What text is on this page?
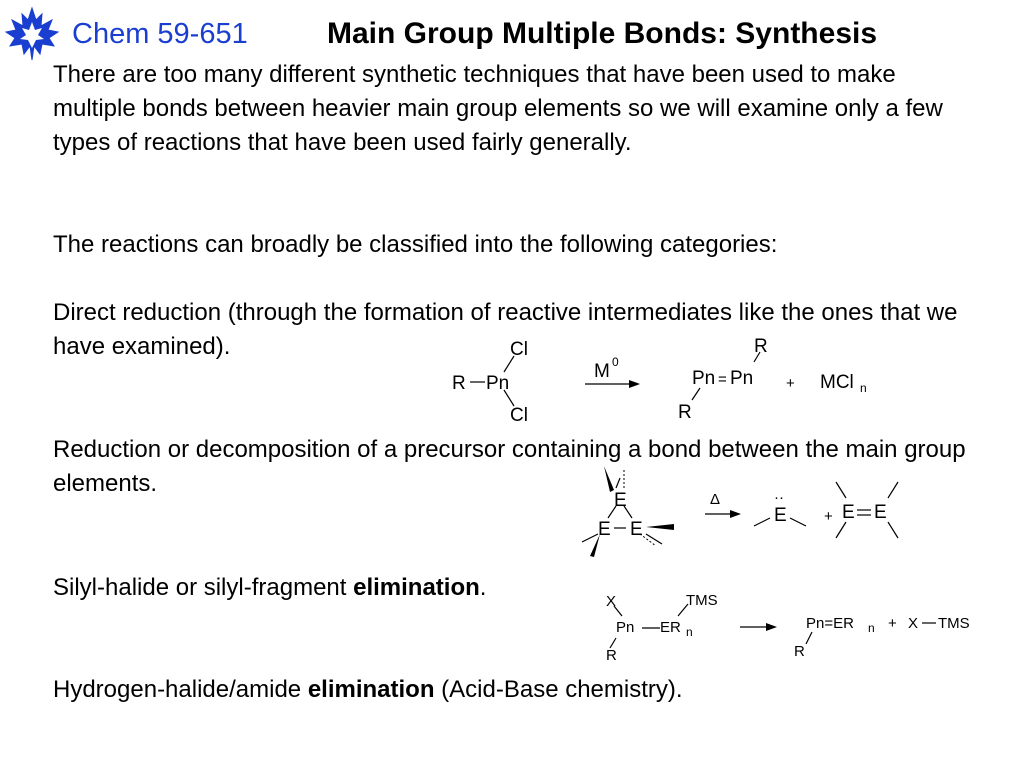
Chem 59-651	Main Group Multiple Bonds: Synthesis
There are too many different synthetic techniques that have been used to make multiple bonds between heavier main group elements so we will examine only a few types of reactions that have been used fairly generally.
The reactions can broadly be classified into the following categories:
Direct reduction (through the formation of reactive intermediates like the ones that we have examined).
Reduction or decomposition of a precursor containing a bond between the main group elements.
Silyl-halide or silyl-fragment elimination.
Hydrogen-halide/amide elimination (Acid-Base chemistry).
R Pn
Cl
Cl
M 0
R
Pn = Pn
R
+ MCl n
E
E E
Δ	··
E + E E
X	TMS
Pn ER n
R
Pn=ER n + X TMS
R
